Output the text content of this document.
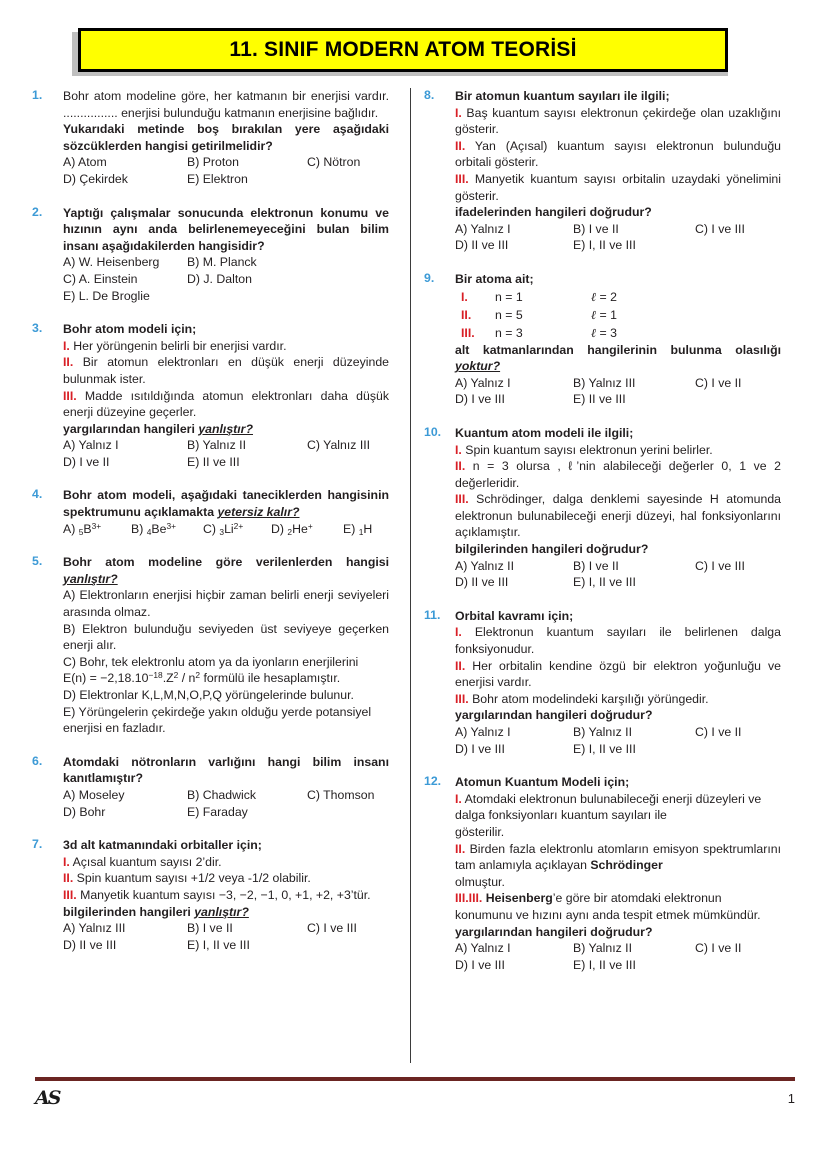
11. SINIF MODERN ATOM TEORİSİ
1.	Bohr atom modeline göre, her katmanın bir enerjisi vardır. ................ enerjisi bulunduğu katmanın enerjisine bağlıdır.
Yukarıdaki metinde boş bırakılan yere aşağıdaki sözcüklerden hangisi getirilmelidir?
A) Atom	B) Proton	C) Nötron
D) Çekirdek	E) Elektron
2.	Yaptığı çalışmalar sonucunda elektronun konumu ve hızının aynı anda belirlenemeyeceğini bulan bilim insanı aşağıdakilerden hangisidir?
A) W. Heisenberg	B) M. Planck
C) A. Einstein	D) J. Dalton
E) L. De Broglie
3.	Bohr atom modeli için;
I. Her yörüngenin belirli bir enerjisi vardır.
II. Bir atomun elektronları en düşük enerji düzeyinde bulunmak ister.
III. Madde ısıtıldığında atomun elektronları daha düşük enerji düzeyine geçerler.
yargılarından hangileri yanlıştır?
A) Yalnız I	B) Yalnız II	C) Yalnız III
D) I ve II	E) II ve III
4.	Bohr atom modeli, aşağıdaki taneciklerden hangisinin spektrumunu açıklamakta yetersiz kalır?
A) $_5B^{3+}$ B) $_4Be^{3+}$ C) $_3Li^{2+}$ D) $_2$He+ E) $_1$H
5.	Bohr atom modeline göre verilenlerden hangisi yanlıştır?
A) Elektronların enerjisi hiçbir zaman belirli enerji seviyeleri arasında olmaz.
B) Elektron bulunduğu seviyeden üst seviyeye geçerken enerji alır.
C) Bohr, tek elektronlu atom ya da iyonların enerjilerini
$E(n) = -2,18.10^{-18}.Z^2 / n^2$ formülü ile hesaplamıştır.
D) Elektronlar K,L,M,N,O,P,Q yörüngelerinde bulunur.
E) Yörüngelerin çekirdeğe yakın olduğu yerde potansiyel enerjisi en fazladır.
6.	Atomdaki nötronların varlığını hangi bilim insanı kanıtlamıştır?
A) Moseley	B) Chadwick	C) Thomson
D) Bohr	E) Faraday
7.	3d alt katmanındaki orbitaller için;
I. Açısal kuantum sayısı 2’dir.
II. Spin kuantum sayısı +1/2 veya -1/2 olabilir.
III. Manyetik kuantum sayısı −3, −2, −1, 0, +1, +2, +3’tür.
bilgilerinden hangileri yanlıştır?
A) Yalnız III	B) I ve II	C) I ve III
D) II ve III	E) I, II ve III
8.	Bir atomun kuantum sayıları ile ilgili;
I. Baş kuantum sayısı elektronun çekirdeğe olan uzaklığını gösterir.
II. Yan (Açısal) kuantum sayısı elektronun bulunduğu orbitali gösterir.
III. Manyetik kuantum sayısı orbitalin uzaydaki yönelimini gösterir.
ifadelerinden hangileri doğrudur?
A) Yalnız I	B) I ve II	C) I ve III
D) II ve III	E) I, II ve III
9.	Bir atoma ait;
I.	n = 1	ℓ = 2
II.	n = 5	ℓ = 1
III.	n = 3	ℓ = 3
alt katmanlarından hangilerinin bulunma olasılığı yoktur?
A) Yalnız I	B) Yalnız III	C) I ve II
D) I ve III	E) II ve III
10.	Kuantum atom modeli ile ilgili;
I. Spin kuantum sayısı elektronun yerini belirler.
II. n = 3 olursa , ℓ’nin alabileceği değerler 0, 1 ve 2 değerleridir.
III. Schrödinger, dalga denklemi sayesinde H atomunda elektronun bulunabileceği enerji düzeyi, hal fonksiyonlarını açıklamıştır.
bilgilerinden hangileri doğrudur?
A) Yalnız II	B) I ve II	C) I ve III
D) II ve III	E) I, II ve III
11.	Orbital kavramı için;
I. Elektronun kuantum sayıları ile belirlenen dalga fonksiyonudur.
II. Her orbitalin kendine özgü bir elektron yoğunluğu ve enerjisi vardır.
III. Bohr atom modelindeki karşılığı yörüngedir.
yargılarından hangileri doğrudur?
A) Yalnız I	B) Yalnız II	C) I ve II
D) I ve III	E) I, II ve III
12.	Atomun Kuantum Modeli için;
I. Atomdaki elektronun bulunabileceği enerji düzeyleri ve dalga fonksiyonları kuantum sayıları ile
gösterilir.
II. Birden fazla elektronlu atomların emisyon spektrumlarını tam anlamıyla açıklayan Schrödinger
olmuştur.
III.III. Heisenberg’e göre bir atomdaki elektronun konumunu ve hızını aynı anda tespit etmek mümkündür.
yargılarından hangileri doğrudur?
A) Yalnız I	B) Yalnız II	C) I ve II
D) I ve III	E) I, II ve III
AS	1
